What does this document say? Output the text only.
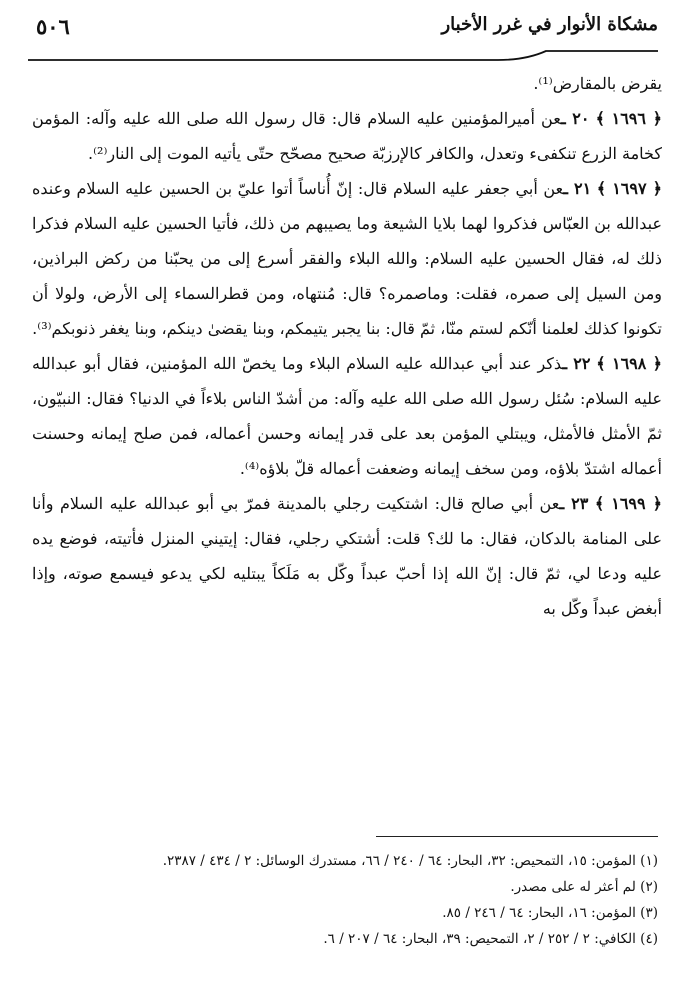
مشكاة الأنوار في غرر الأخبار
٥٠٦

يقرض بالمقارض⁽¹⁾.

﴿ ١٦٩٦ ﴾ ٢٠ ـعن أميرالمؤمنين عليه السلام قال: قال رسول الله صلى الله عليه وآله: المؤمن كخامة الزرع تنكفىء وتعدل، والكافر كالإرزبّة صحيح مصحّح حتّى يأتيه الموت إلى النار⁽²⁾.

﴿ ١٦٩٧ ﴾ ٢١ ـعن أبي جعفر عليه السلام قال: إنّ أُناساً أتوا عليّ بن الحسين عليه السلام وعنده عبدالله بن العبّاس فذكروا لهما بلايا الشيعة وما يصيبهم من ذلك، فأتيا الحسين عليه السلام فذكرا ذلك له، فقال الحسين عليه السلام: والله البلاء والفقر أسرع إلى من يحبّنا من ركض البراذين، ومن السيل إلى صمره، فقلت: وماصمره؟ قال: مُنتهاه، ومن قطرالسماء إلى الأرض، ولولا أن تكونوا كذلك لعلمنا أنّكم لستم منّا، ثمّ قال: بنا يجبر يتيمكم، وبنا يقضىٰ دينكم، وبنا يغفر ذنوبكم⁽³⁾.

﴿ ١٦٩٨ ﴾ ٢٢ ـذكر عند أبي عبدالله عليه السلام البلاء وما يخصّ الله المؤمنين، فقال أبو عبدالله عليه السلام: سُئل رسول الله صلى الله عليه وآله: من أشدّ الناس بلاءاً في الدنيا؟ فقال: النبيّون، ثمّ الأمثل فالأمثل، ويبتلي المؤمن بعد على قدر إيمانه وحسن أعماله، فمن صلح إيمانه وحسنت أعماله اشتدّ بلاؤه، ومن سخف إيمانه وضعفت أعماله قلّ بلاؤه⁽⁴⁾.

﴿ ١٦٩٩ ﴾ ٢٣ ـعن أبي صالح قال: اشتكيت رجلي بالمدينة فمرّ بي أبو عبدالله عليه السلام وأنا على المنامة بالدكان، فقال: ما لك؟ قلت: أشتكي رجلي، فقال: إيتيني المنزل فأتيته، فوضع يده عليه ودعا لي، ثمّ قال: إنّ الله إذا أحبّ عبداً وكّل به مَلَكاً يبتليه لكي يدعو فيسمع صوته، وإذا أبغض عبداً وكّل به

(١) المؤمن: ١٥، التمحيص: ٣٢، البحار: ٦٤ / ٢٤٠ / ٦٦، مستدرك الوسائل: ٢ / ٤٣٤ / ٢٣٨٧.

(٢) لم أعثر له على مصدر.

(٣) المؤمن: ١٦، البحار: ٦٤ / ٢٤٦ / ٨٥.

(٤) الكافي: ٢ / ٢٥٢ / ٢، التمحيص: ٣٩، البحار: ٦٤ / ٢٠٧ / ٦.
